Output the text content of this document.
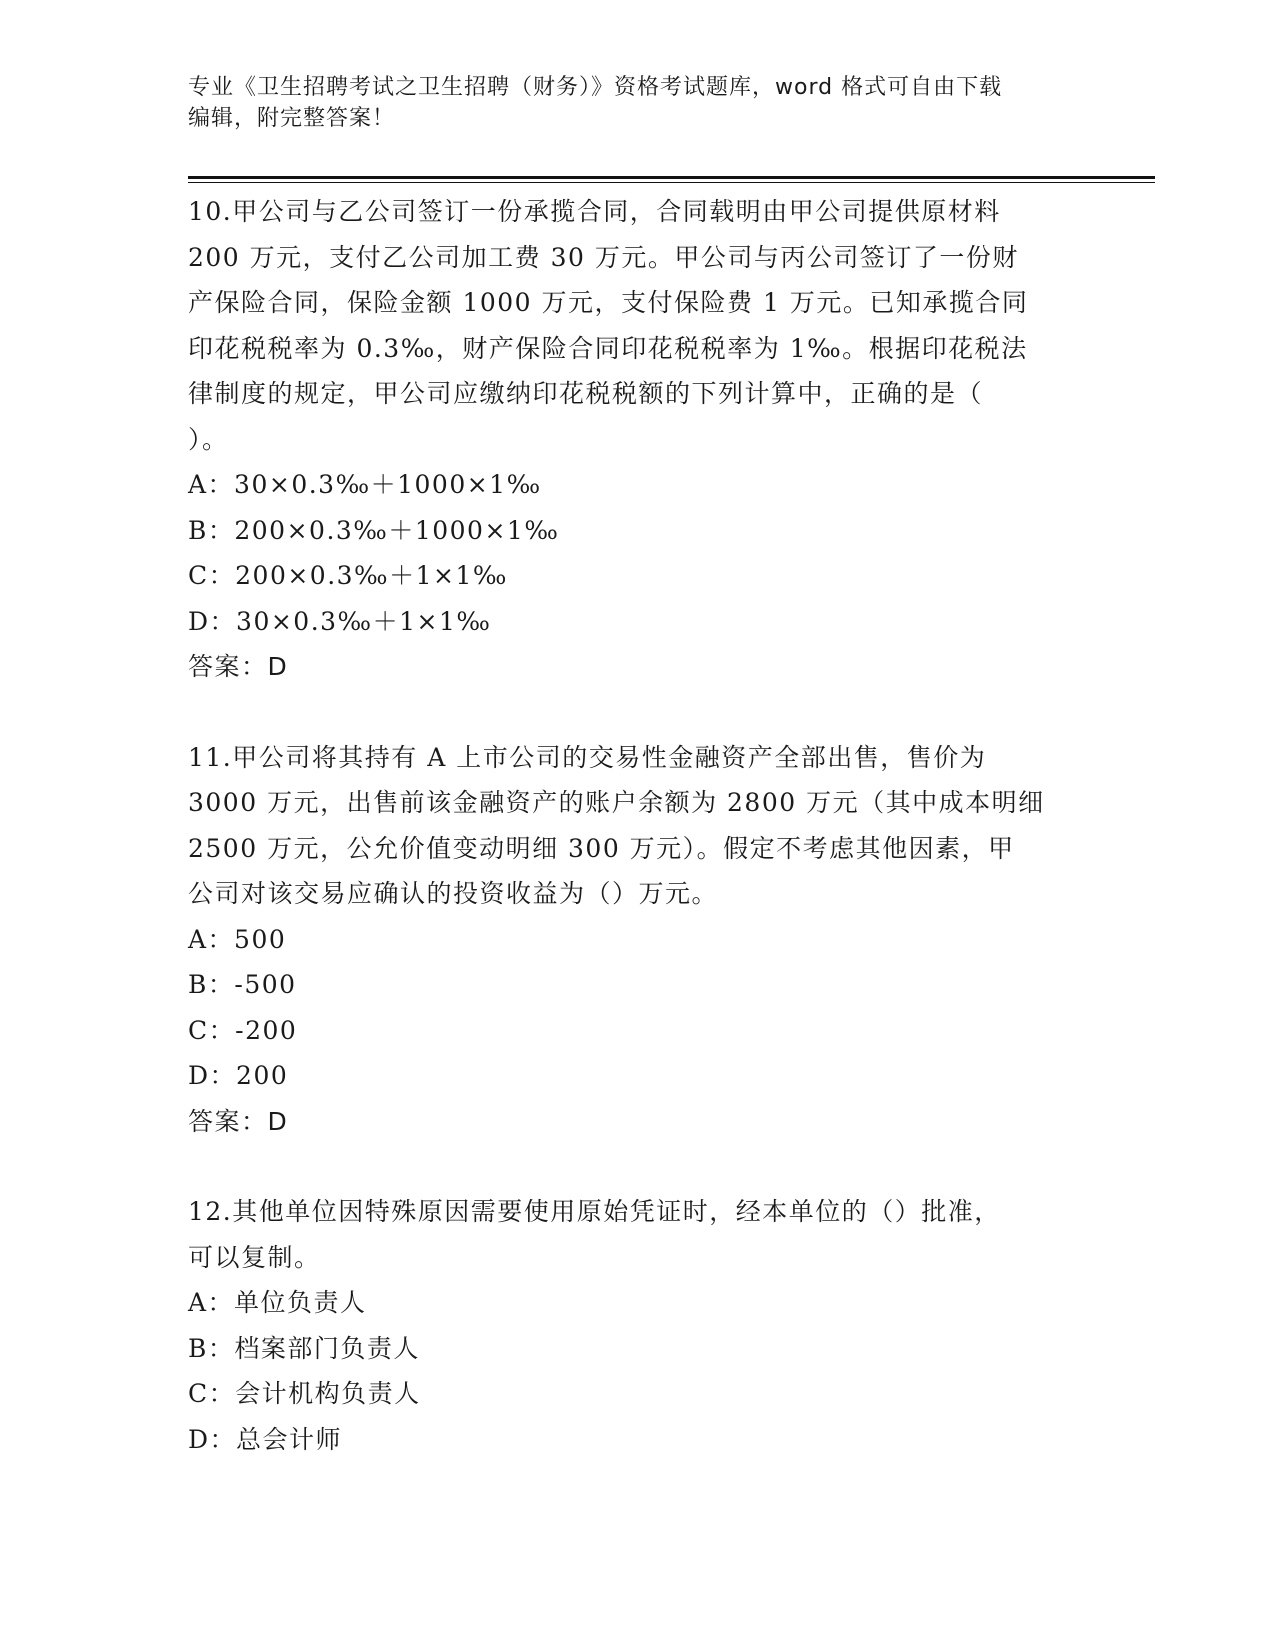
专业《卫生招聘考试之卫生招聘（财务）》资格考试题库，word 格式可自由下载
编辑，附完整答案！
10.甲公司与乙公司签订一份承揽合同，合同载明由甲公司提供原材料
200 万元，支付乙公司加工费 30 万元。甲公司与丙公司签订了一份财
产保险合同，保险金额 1000 万元，支付保险费 1 万元。已知承揽合同
印花税税率为 0.3‰，财产保险合同印花税税率为 1‰。根据印花税法
律制度的规定，甲公司应缴纳印花税税额的下列计算中，正确的是（
）。
A：30×0.3‰＋1000×1‰
B：200×0.3‰＋1000×1‰
C：200×0.3‰＋1×1‰
D：30×0.3‰＋1×1‰
答案：D
11.甲公司将其持有 A 上市公司的交易性金融资产全部出售，售价为
3000 万元，出售前该金融资产的账户余额为 2800 万元（其中成本明细
2500 万元，公允价值变动明细 300 万元）。假定不考虑其他因素，甲
公司对该交易应确认的投资收益为（）万元。
A：500
B：-500
C：-200
D：200
答案：D
12.其他单位因特殊原因需要使用原始凭证时，经本单位的（）批准，
可以复制。
A：单位负责人
B：档案部门负责人
C：会计机构负责人
D：总会计师
